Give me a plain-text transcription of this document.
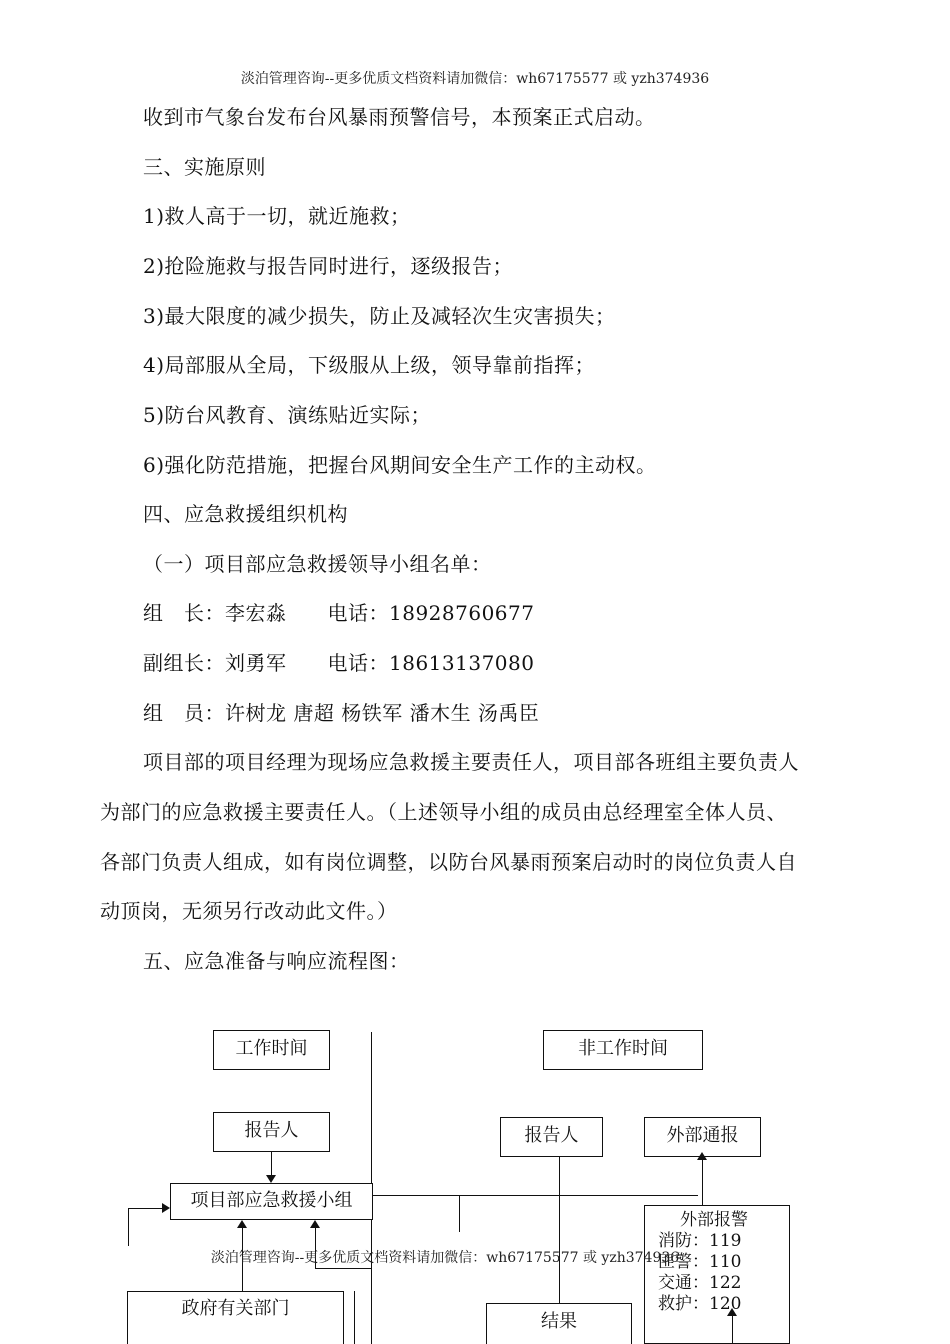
淡泊管理咨询--更多优质文档资料请加微信：wh67175577 或 yzh374936
收到市气象台发布台风暴雨预警信号，本预案正式启动。
三、实施原则
1)救人高于一切，就近施救；
2)抢险施救与报告同时进行，逐级报告；
3)最大限度的减少损失，防止及减轻次生灾害损失；
4)局部服从全局，下级服从上级，领导靠前指挥；
5)防台风教育、演练贴近实际；
6)强化防范措施，把握台风期间安全生产工作的主动权。
四、应急救援组织机构
（一）项目部应急救援领导小组名单：
组　长：李宏淼　　电话：18928760677
副组长：刘勇军　　电话：18613137080
组　员：许树龙 唐超 杨铁军 潘木生 汤禹臣
项目部的项目经理为现场应急救援主要责任人，项目部各班组主要负责人
为部门的应急救援主要责任人。（上述领导小组的成员由总经理室全体人员、
各部门负责人组成，如有岗位调整，以防台风暴雨预案启动时的岗位负责人自
动顶岗，无须另行改动此文件。）
五、应急准备与响应流程图：
工作时间	非工作时间
报告人	报告人	外部通报
项目部应急救援小组
外部报警
消防：119
匪警：110
交通：122
救护：120
政府有关部门
结果
淡泊管理咨询--更多优质文档资料请加微信：wh67175577 或 yzh374936
